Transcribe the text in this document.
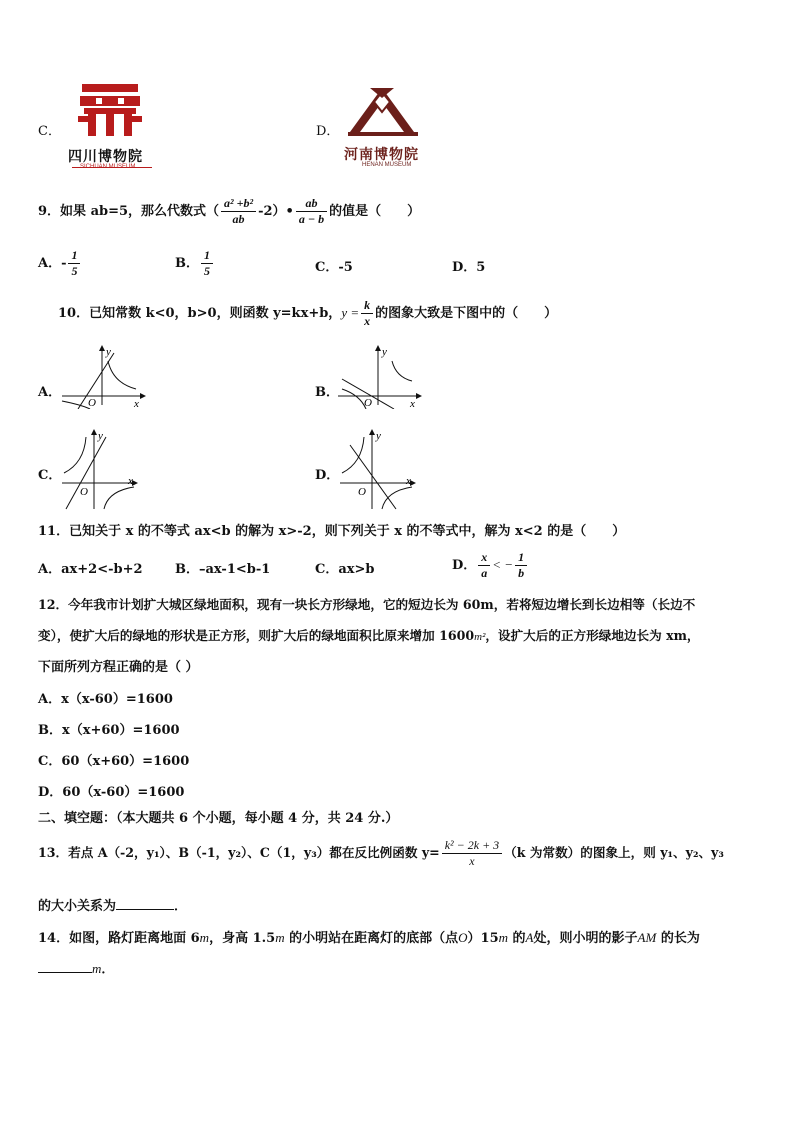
C．
四川博物院
SICHUAN MUSEUM
D．
河南博物院
HENAN MUSEUM
9．如果 ab=5，那么代数式（ $\frac{\text{a² +b²}}{ab}$ -2）• $\frac{ab}{a - b}$ 的值是（　　）
A．- $\frac{1}{5}$	B． $\frac{1}{5}$	C．-5	D．5
10．已知常数 k<0，b>0，则函数 y=kx+b，$y = \frac{k}{x}$ 的图象大致是下图中的（　　）
A．
y
x
O
B．
y
x
O
C．
y
x
O
D．
y
x
O
11．已知关于 x 的不等式 ax<b 的解为 x>-2，则下列关于 x 的不等式中，解为 x<2 的是（　　）
A．ax+2<-b+2 B．–ax-1<b-1	C．ax>b	D． $\frac{x}{a}$ < − $\frac{1}{b}$
12．今年我市计划扩大城区绿地面积，现有一块长方形绿地，它的短边长为 60m，若将短边增长到长边相等（长边不
变），使扩大后的绿地的形状是正方形，则扩大后的绿地面积比原来增加 1600m²，设扩大后的正方形绿地边长为 xm，
下面所列方程正确的是（ ）
A．x（x-60）=1600
B．x（x+60）=1600
C．60（x+60）=1600
D．60（x-60）=1600
二、填空题：（本大题共 6 个小题，每小题 4 分，共 24 分.）
13．若点 A（-2，y₁）、B（-1，y₂）、C（1，y₃）都在反比例函数 $y= \frac{\text{k² − 2k + 3}}{x} (k$ 为常数）的图象上，则 y₁、y₂、y₃
的大小关系为	．
14．如图，路灯距离地面 6m，身高 1.5m 的小明站在距离灯的底部（点O）15m 的A处，则小明的影子AM 的长为
m．
